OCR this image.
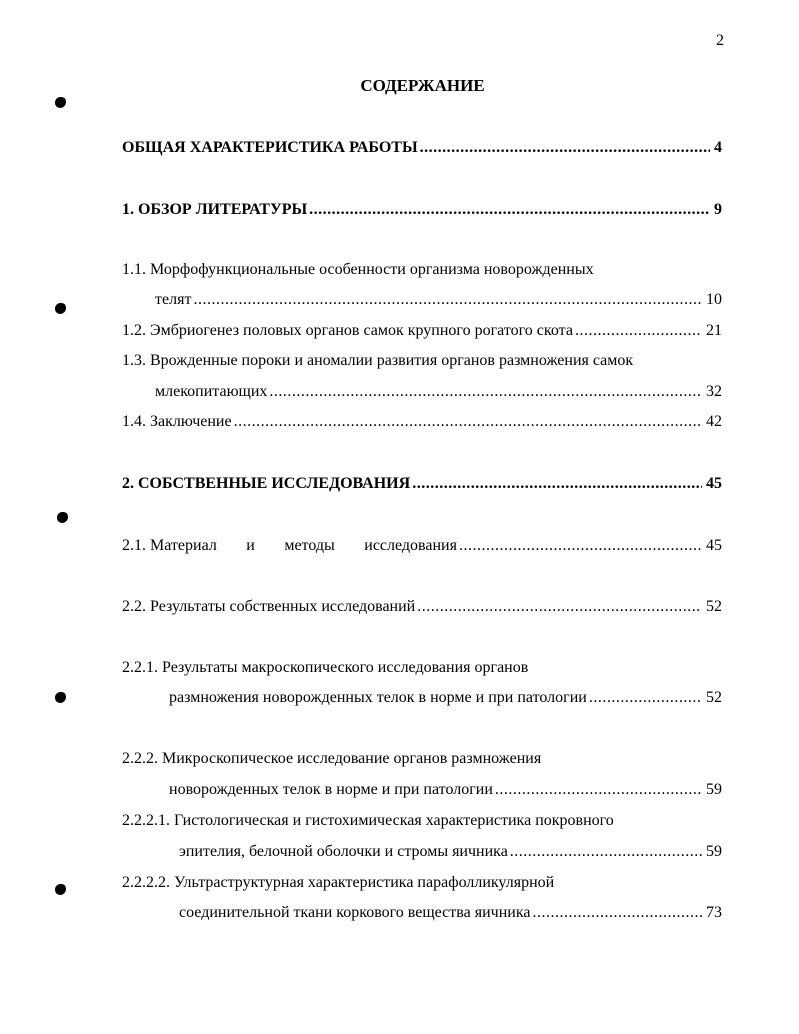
2
СОДЕРЖАНИЕ
ОБЩАЯ ХАРАКТЕРИСТИКА РАБОТЫ .....	4
1. ОБЗОР ЛИТЕРАТУРЫ .....	9
1.1. Морфофункциональные особенности организма новорожденных
телят .....	10
1.2. Эмбриогенез половых органов самок крупного рогатого скота .....	21
1.3. Врожденные пороки и аномалии развития органов размножения самок
млекопитающих .....	32
1.4. Заключение .....	42
2. СОБСТВЕННЫЕ ИССЛЕДОВАНИЯ .....	45
2.1. Материал и методы исследования .....	45
2.2. Результаты собственных исследований .....	52
2.2.1. Результаты макроскопического исследования органов
размножения новорожденных телок в норме и при патологии .....	52
2.2.2. Микроскопическое исследование органов размножения
новорожденных телок в норме и при патологии .....	59
2.2.2.1. Гистологическая и гистохимическая характеристика покровного
эпителия, белочной оболочки и стромы яичника .....	59
2.2.2.2. Ультраструктурная характеристика парафолликулярной
соединительной ткани коркового вещества яичника .....	73
